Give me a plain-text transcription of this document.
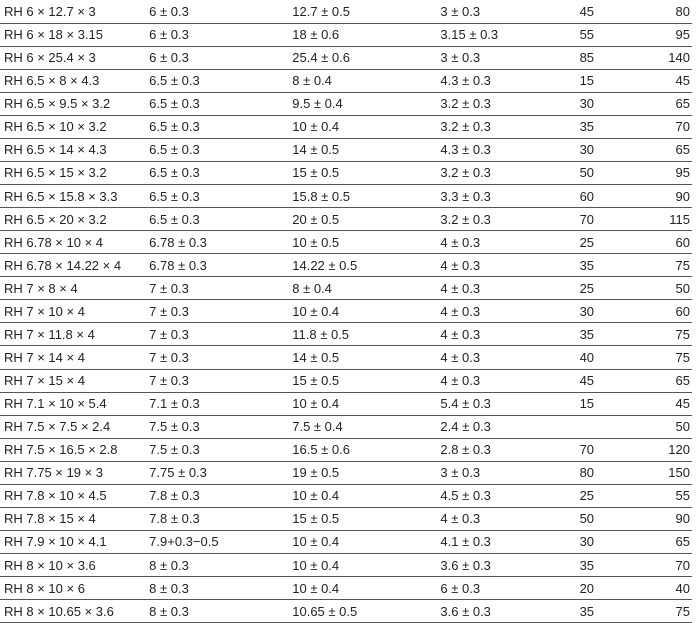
RH 6 × 12.7 × 3	6 ± 0.3	12.7 ± 0.5	3 ± 0.3	45	80
RH 6 × 18 × 3.15	6 ± 0.3	18 ± 0.6	3.15 ± 0.3	55	95
RH 6 × 25.4 × 3	6 ± 0.3	25.4 ± 0.6	3 ± 0.3	85	140
RH 6.5 × 8 × 4.3	6.5 ± 0.3	8 ± 0.4	4.3 ± 0.3	15	45
RH 6.5 × 9.5 × 3.2	6.5 ± 0.3	9.5 ± 0.4	3.2 ± 0.3	30	65
RH 6.5 × 10 × 3.2	6.5 ± 0.3	10 ± 0.4	3.2 ± 0.3	35	70
RH 6.5 × 14 × 4.3	6.5 ± 0.3	14 ± 0.5	4.3 ± 0.3	30	65
RH 6.5 × 15 × 3.2	6.5 ± 0.3	15 ± 0.5	3.2 ± 0.3	50	95
RH 6.5 × 15.8 × 3.3	6.5 ± 0.3	15.8 ± 0.5	3.3 ± 0.3	60	90
RH 6.5 × 20 × 3.2	6.5 ± 0.3	20 ± 0.5	3.2 ± 0.3	70	115
RH 6.78 × 10 × 4	6.78 ± 0.3	10 ± 0.5	4 ± 0.3	25	60
RH 6.78 × 14.22 × 4	6.78 ± 0.3	14.22 ± 0.5	4 ± 0.3	35	75
RH 7 × 8 × 4	7 ± 0.3	8 ± 0.4	4 ± 0.3	25	50
RH 7 × 10 × 4	7 ± 0.3	10 ± 0.4	4 ± 0.3	30	60
RH 7 × 11.8 × 4	7 ± 0.3	11.8 ± 0.5	4 ± 0.3	35	75
RH 7 × 14 × 4	7 ± 0.3	14 ± 0.5	4 ± 0.3	40	75
RH 7 × 15 × 4	7 ± 0.3	15 ± 0.5	4 ± 0.3	45	65
RH 7.1 × 10 × 5.4	7.1 ± 0.3	10 ± 0.4	5.4 ± 0.3	15	45
RH 7.5 × 7.5 × 2.4	7.5 ± 0.3	7.5 ± 0.4	2.4 ± 0.3		50
RH 7.5 × 16.5 × 2.8	7.5 ± 0.3	16.5 ± 0.6	2.8 ± 0.3	70	120
RH 7.75 × 19 × 3	7.75 ± 0.3	19 ± 0.5	3 ± 0.3	80	150
RH 7.8 × 10 × 4.5	7.8 ± 0.3	10 ± 0.4	4.5 ± 0.3	25	55
RH 7.8 × 15 × 4	7.8 ± 0.3	15 ± 0.5	4 ± 0.3	50	90
RH 7.9 × 10 × 4.1	7.9+0.3−0.5	10 ± 0.4	4.1 ± 0.3	30	65
RH 8 × 10 × 3.6	8 ± 0.3	10 ± 0.4	3.6 ± 0.3	35	70
RH 8 × 10 × 6	8 ± 0.3	10 ± 0.4	6 ± 0.3	20	40
RH 8 × 10.65 × 3.6	8 ± 0.3	10.65 ± 0.5	3.6 ± 0.3	35	75
